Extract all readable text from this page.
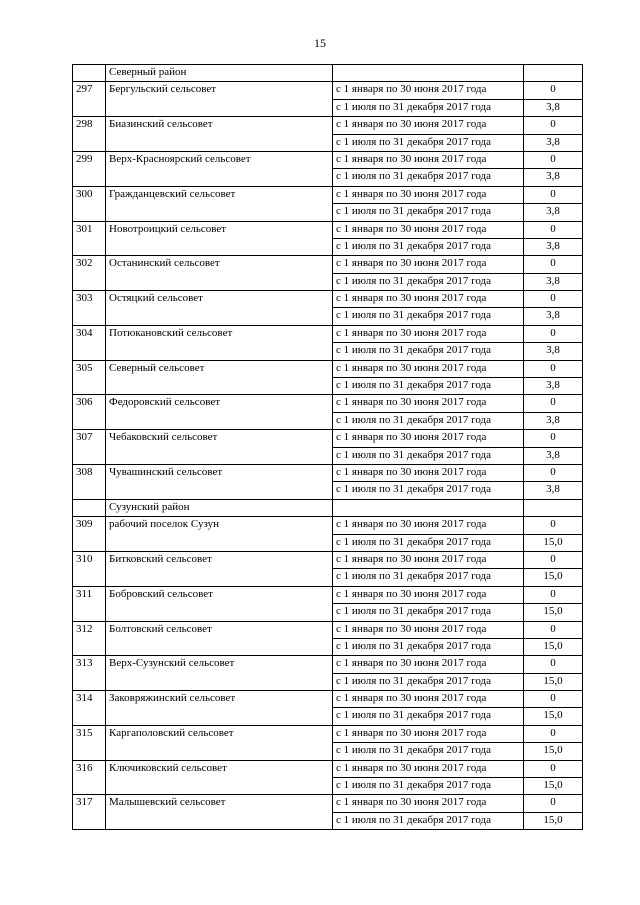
15
	Северный район		
297	Бергульский сельсовет	с 1 января по 30 июня 2017 года	0
		с 1 июля по 31 декабря 2017 года	3,8
298	Биазинский сельсовет	с 1 января по 30 июня 2017 года	0
		с 1 июля по 31 декабря 2017 года	3,8
299	Верх-Красноярский сельсовет	с 1 января по 30 июня 2017 года	0
		с 1 июля по 31 декабря 2017 года	3,8
300	Гражданцевский сельсовет	с 1 января по 30 июня 2017 года	0
		с 1 июля по 31 декабря 2017 года	3,8
301	Новотроицкий сельсовет	с 1 января по 30 июня 2017 года	0
		с 1 июля по 31 декабря 2017 года	3,8
302	Останинский сельсовет	с 1 января по 30 июня 2017 года	0
		с 1 июля по 31 декабря 2017 года	3,8
303	Остяцкий сельсовет	с 1 января по 30 июня 2017 года	0
		с 1 июля по 31 декабря 2017 года	3,8
304	Потюкановский сельсовет	с 1 января по 30 июня 2017 года	0
		с 1 июля по 31 декабря 2017 года	3,8
305	Северный сельсовет	с 1 января по 30 июня 2017 года	0
		с 1 июля по 31 декабря 2017 года	3,8
306	Федоровский сельсовет	с 1 января по 30 июня 2017 года	0
		с 1 июля по 31 декабря 2017 года	3,8
307	Чебаковский сельсовет	с 1 января по 30 июня 2017 года	0
		с 1 июля по 31 декабря 2017 года	3,8
308	Чувашинский сельсовет	с 1 января по 30 июня 2017 года	0
		с 1 июля по 31 декабря 2017 года	3,8
	Сузунский район		
309	рабочий поселок Сузун	с 1 января по 30 июня 2017 года	0
		с 1 июля по 31 декабря 2017 года	15,0
310	Битковский сельсовет	с 1 января по 30 июня 2017 года	0
		с 1 июля по 31 декабря 2017 года	15,0
311	Бобровский сельсовет	с 1 января по 30 июня 2017 года	0
		с 1 июля по 31 декабря 2017 года	15,0
312	Болтовский сельсовет	с 1 января по 30 июня 2017 года	0
		с 1 июля по 31 декабря 2017 года	15,0
313	Верх-Сузунский сельсовет	с 1 января по 30 июня 2017 года	0
		с 1 июля по 31 декабря 2017 года	15,0
314	Заковряжинский сельсовет	с 1 января по 30 июня 2017 года	0
		с 1 июля по 31 декабря 2017 года	15,0
315	Каргаполовский сельсовет	с 1 января по 30 июня 2017 года	0
		с 1 июля по 31 декабря 2017 года	15,0
316	Ключиковский сельсовет	с 1 января по 30 июня 2017 года	0
		с 1 июля по 31 декабря 2017 года	15,0
317	Малышевский сельсовет	с 1 января по 30 июня 2017 года	0
		с 1 июля по 31 декабря 2017 года	15,0
